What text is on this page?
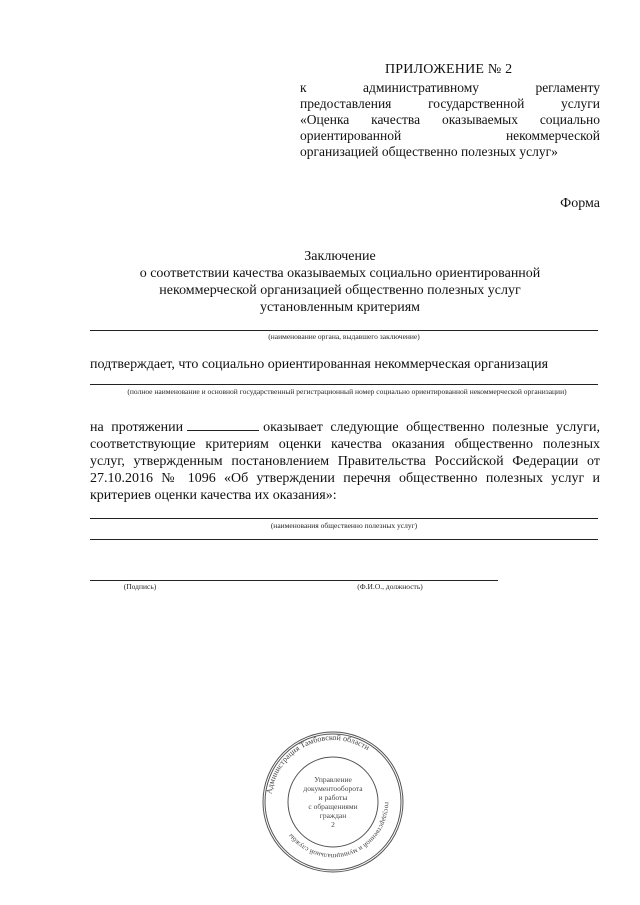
ПРИЛОЖЕНИЕ № 2
к административному регламенту
предоставления государственной услуги
«Оценка качества оказываемых социально
ориентированной некоммерческой
организацией общественно полезных услуг»
Форма
Заключение
о соответствии качества оказываемых социально ориентированной
некоммерческой организацией общественно полезных услуг
установленным критериям
(наименование органа, выдавшего заключение)
подтверждает, что социально ориентированная некоммерческая организация
(полное наименование и основной государственный регистрационный номер социально ориентированной некоммерческой организации)
на протяжении	оказывает следующие общественно полезные услуги, соответствующие критериям оценки качества оказания общественно полезных услуг, утвержденным постановлением Правительства Российской Федерации от 27.10.2016 № 1096 «Об утверждении перечня общественно полезных услуг и критериев оценки качества их оказания»:
(наименования общественно полезных услуг)
(Подпись)	(Ф.И.О., должность)
Администрация Тамбовской области
государственной и муниципальной службы
Управление
документооборота
и работы
с обращениями
граждан
2
